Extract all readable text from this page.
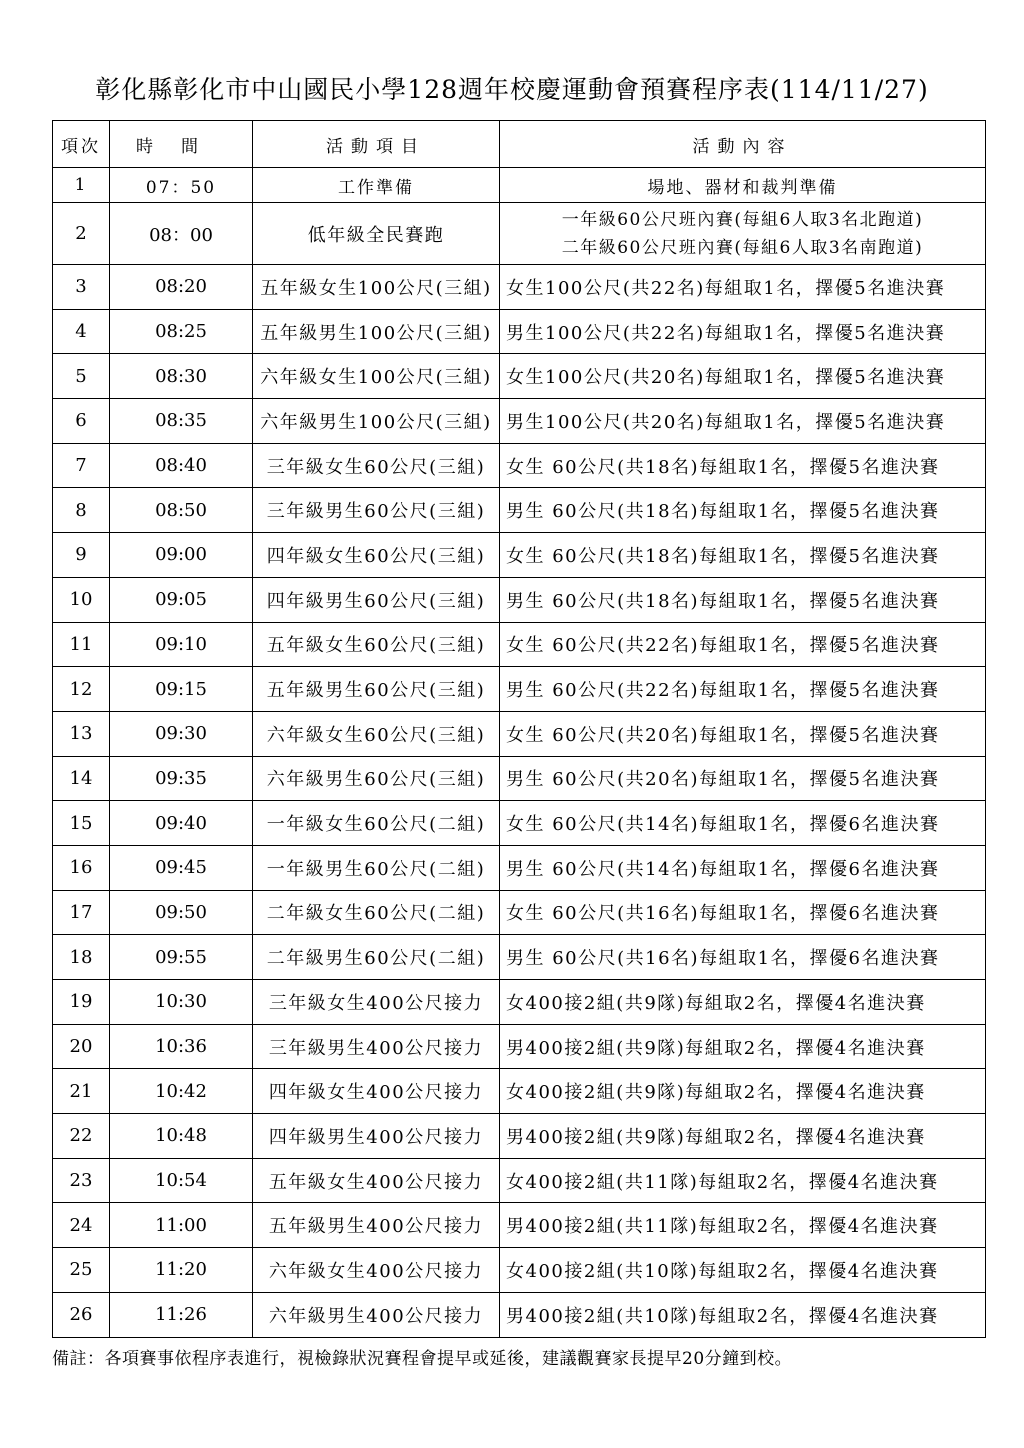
彰化縣彰化市中山國民小學128週年校慶運動會預賽程序表(114/11/27)
項次	時間	活動項目	活動內容
1	07：50	工作準備	場地、器材和裁判準備

2	08：00	低年級全民賽跑	一年級60公尺班內賽(每組6人取3名北跑道)
二年級60公尺班內賽(每組6人取3名南跑道)

3	08:20	五年級女生100公尺(三組)	女生100公尺(共22名)每組取1名，擇優5名進決賽

4	08:25	五年級男生100公尺(三組)	男生100公尺(共22名)每組取1名，擇優5名進決賽

5	08:30	六年級女生100公尺(三組)	女生100公尺(共20名)每組取1名，擇優5名進決賽

6	08:35	六年級男生100公尺(三組)	男生100公尺(共20名)每組取1名，擇優5名進決賽

7	08:40	三年級女生60公尺(三組)	女生 60公尺(共18名)每組取1名，擇優5名進決賽

8	08:50	三年級男生60公尺(三組)	男生 60公尺(共18名)每組取1名，擇優5名進決賽

9	09:00	四年級女生60公尺(三組)	女生 60公尺(共18名)每組取1名，擇優5名進決賽

10	09:05	四年級男生60公尺(三組)	男生 60公尺(共18名)每組取1名，擇優5名進決賽

11	09:10	五年級女生60公尺(三組)	女生 60公尺(共22名)每組取1名，擇優5名進決賽

12	09:15	五年級男生60公尺(三組)	男生 60公尺(共22名)每組取1名，擇優5名進決賽

13	09:30	六年級女生60公尺(三組)	女生 60公尺(共20名)每組取1名，擇優5名進決賽

14	09:35	六年級男生60公尺(三組)	男生 60公尺(共20名)每組取1名，擇優5名進決賽

15	09:40	一年級女生60公尺(二組)	女生 60公尺(共14名)每組取1名，擇優6名進決賽

16	09:45	一年級男生60公尺(二組)	男生 60公尺(共14名)每組取1名，擇優6名進決賽

17	09:50	二年級女生60公尺(二組)	女生 60公尺(共16名)每組取1名，擇優6名進決賽

18	09:55	二年級男生60公尺(二組)	男生 60公尺(共16名)每組取1名，擇優6名進決賽

19	10:30	三年級女生400公尺接力	女400接2組(共9隊)每組取2名，擇優4名進決賽

20	10:36	三年級男生400公尺接力	男400接2組(共9隊)每組取2名，擇優4名進決賽

21	10:42	四年級女生400公尺接力	女400接2組(共9隊)每組取2名，擇優4名進決賽

22	10:48	四年級男生400公尺接力	男400接2組(共9隊)每組取2名，擇優4名進決賽

23	10:54	五年級女生400公尺接力	女400接2組(共11隊)每組取2名，擇優4名進決賽

24	11:00	五年級男生400公尺接力	男400接2組(共11隊)每組取2名，擇優4名進決賽

25	11:20	六年級女生400公尺接力	女400接2組(共10隊)每組取2名，擇優4名進決賽

26	11:26	六年級男生400公尺接力	男400接2組(共10隊)每組取2名，擇優4名進決賽
備註：各項賽事依程序表進行，視檢錄狀況賽程會提早或延後，建議觀賽家長提早20分鐘到校。
